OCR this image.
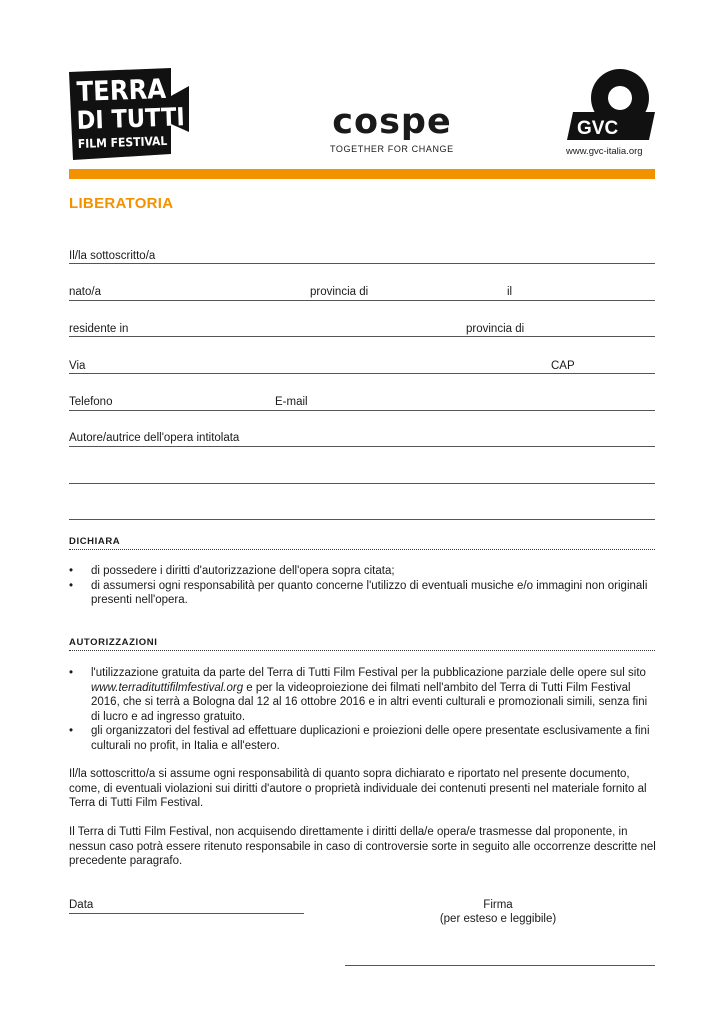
TERRA
DI TUTTI
FILM FESTIVAL
cospe
TOGETHER FOR CHANGE
GVC
www.gvc-italia.org
LIBERATORIA
Il/la sottoscritto/a
nato/a	provincia di	il
residente in	provincia di
Via	CAP
Telefono	E-mail
Autore/autrice dell'opera intitolata
DICHIARA
• di possedere i diritti d'autorizzazione dell'opera sopra citata;
• di assumersi ogni responsabilità per quanto concerne l'utilizzo di eventuali musiche e/o immagini non originali presenti nell'opera.
AUTORIZZAZIONI
• l'utilizzazione gratuita da parte del Terra di Tutti Film Festival per la pubblicazione parziale delle opere sul sito www.terradituttifilmfestival.org e per la videoproiezione dei filmati nell'ambito del Terra di Tutti Film Festival 2016, che si terrà a Bologna dal 12 al 16 ottobre 2016 e in altri eventi culturali e promozionali simili, senza fini di lucro e ad ingresso gratuito.
• gli organizzatori del festival ad effettuare duplicazioni e proiezioni delle opere presentate esclusivamente a fini culturali no profit, in Italia e all'estero.

Il/la sottoscritto/a si assume ogni responsabilità di quanto sopra dichiarato e riportato nel presente documento, come, di eventuali violazioni sui diritti d'autore o proprietà individuale dei contenuti presenti nel materiale fornito al Terra di Tutti Film Festival.

Il Terra di Tutti Film Festival, non acquisendo direttamente i diritti della/e opera/e trasmesse dal proponente, in nessun caso potrà essere ritenuto responsabile in caso di controversie sorte in seguito alle occorrenze descritte nel precedente paragrafo.

Data	Firma
(per esteso e leggibile)
